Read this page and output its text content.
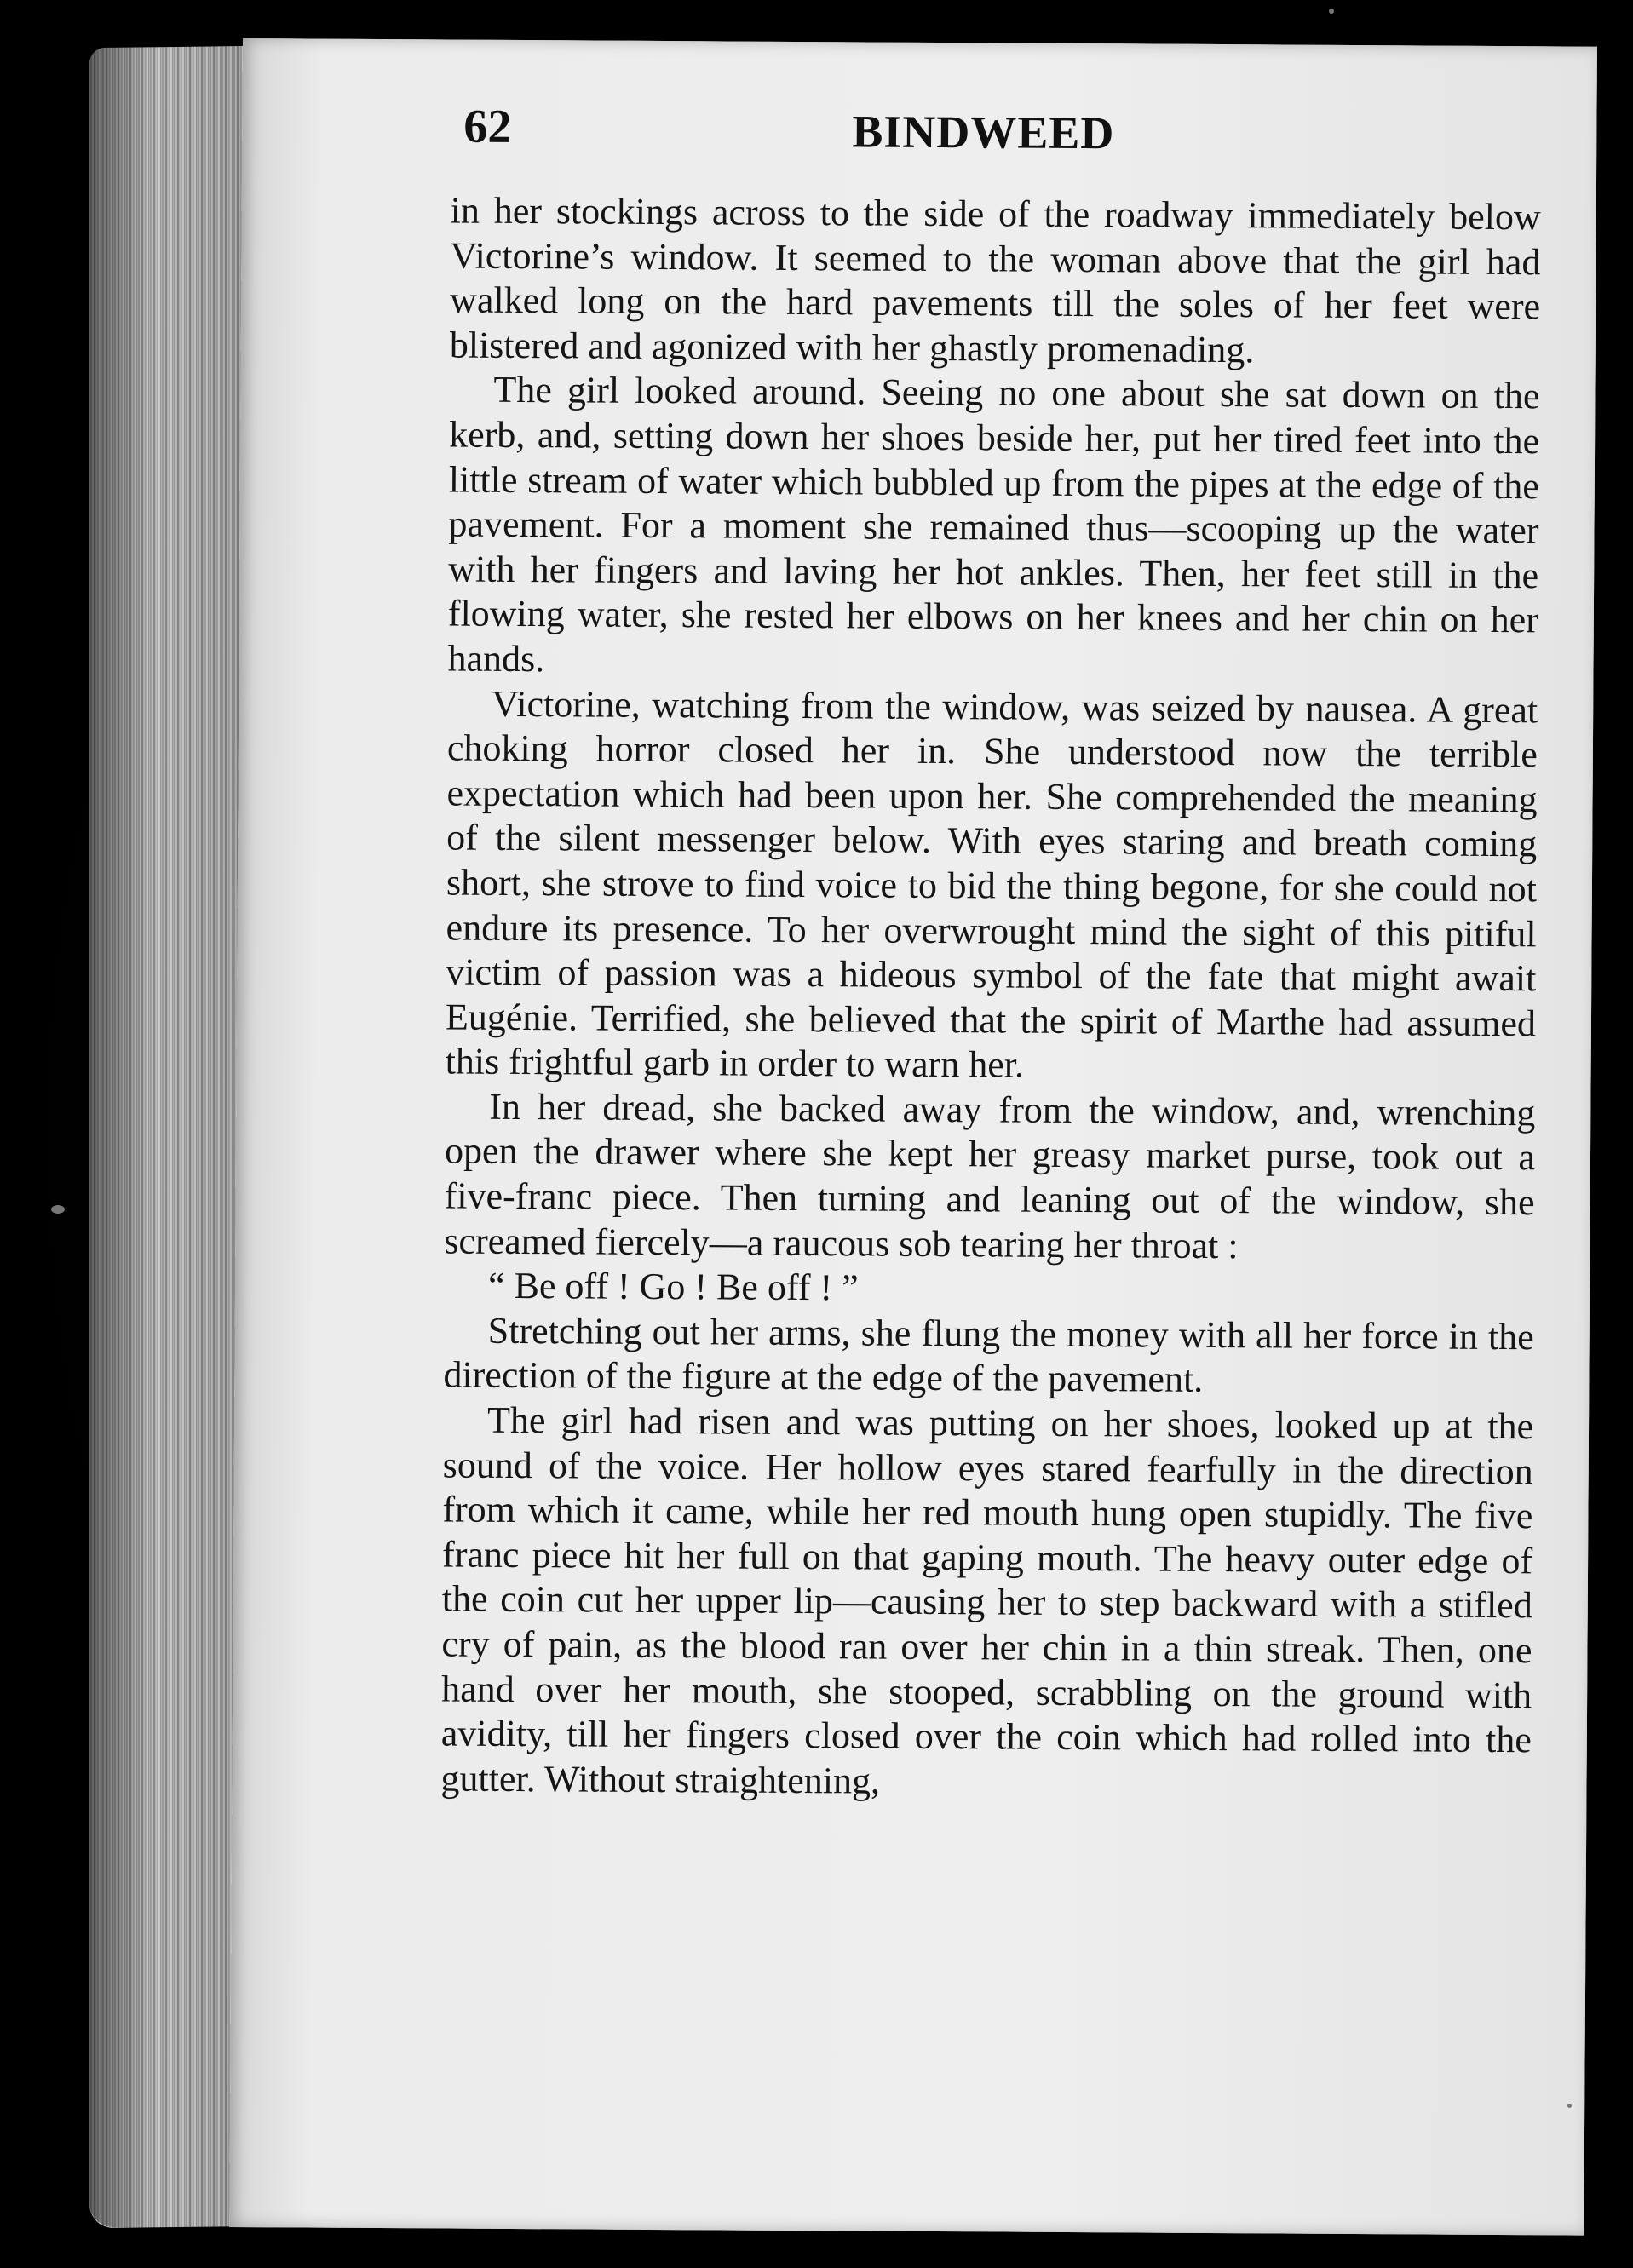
62	BINDWEED

in her stockings across to the side of the roadway immediately below Victorine’s window. It seemed to the woman above that the girl had walked long on the hard pavements till the soles of her feet were blistered and agonized with her ghastly promenading.

The girl looked around. Seeing no one about she sat down on the kerb, and, setting down her shoes beside her, put her tired feet into the little stream of water which bubbled up from the pipes at the edge of the pavement. For a moment she remained thus—scooping up the water with her fingers and laving her hot ankles. Then, her feet still in the flowing water, she rested her elbows on her knees and her chin on her hands.

Victorine, watching from the window, was seized by nausea. A great choking horror closed her in. She understood now the terrible expectation which had been upon her. She comprehended the meaning of the silent messenger below. With eyes staring and breath coming short, she strove to find voice to bid the thing begone, for she could not endure its presence. To her overwrought mind the sight of this pitiful victim of passion was a hideous symbol of the fate that might await Eugénie. Terrified, she believed that the spirit of Marthe had assumed this frightful garb in order to warn her.

In her dread, she backed away from the window, and, wrenching open the drawer where she kept her greasy market purse, took out a five-franc piece. Then turning and leaning out of the window, she screamed fiercely—a raucous sob tearing her throat :

“ Be off ! Go ! Be off ! ”

Stretching out her arms, she flung the money with all her force in the direction of the figure at the edge of the pavement.

The girl had risen and was putting on her shoes, looked up at the sound of the voice. Her hollow eyes stared fearfully in the direction from which it came, while her red mouth hung open stupidly. The five franc piece hit her full on that gaping mouth. The heavy outer edge of the coin cut her upper lip—causing her to step backward with a stifled cry of pain, as the blood ran over her chin in a thin streak. Then, one hand over her mouth, she stooped, scrabbling on the ground with avidity, till her fingers closed over the coin which had rolled into the gutter. Without straightening,
